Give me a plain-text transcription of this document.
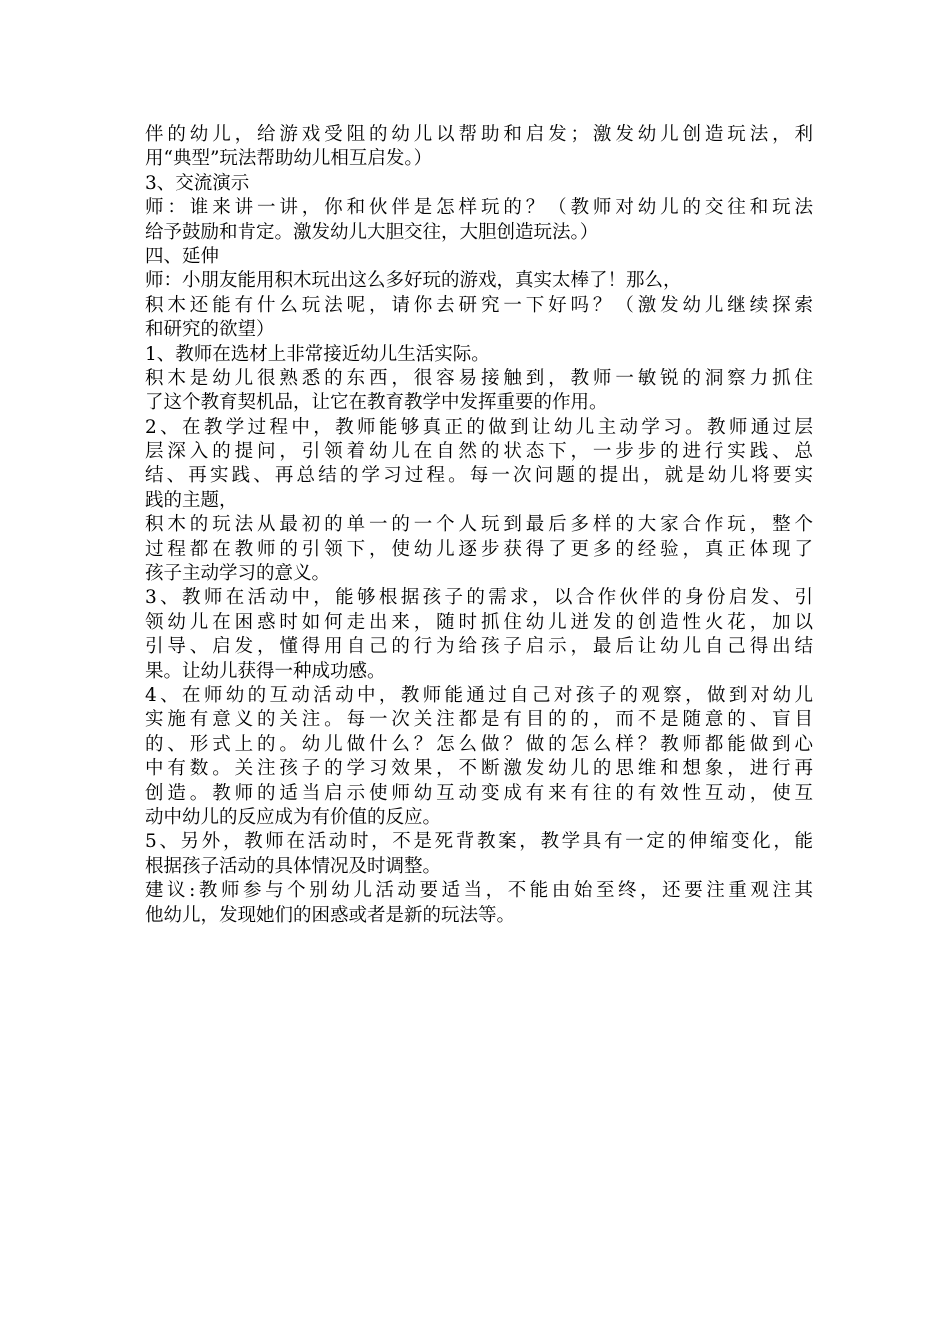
伴的幼儿，给游戏受阻的幼儿以帮助和启发；激发幼儿创造玩法，利
用“典型”玩法帮助幼儿相互启发。）
3、交流演示
师：谁来讲一讲，你和伙伴是怎样玩的？（教师对幼儿的交往和玩法
给予鼓励和肯定。激发幼儿大胆交往，大胆创造玩法。）
四、延伸
师：小朋友能用积木玩出这么多好玩的游戏，真实太棒了！那么，
积木还能有什么玩法呢，请你去研究一下好吗？（激发幼儿继续探索
和研究的欲望）
1、教师在选材上非常接近幼儿生活实际。
积木是幼儿很熟悉的东西，很容易接触到，教师一敏锐的洞察力抓住
了这个教育契机品，让它在教育教学中发挥重要的作用。
2、在教学过程中，教师能够真正的做到让幼儿主动学习。教师通过层
层深入的提问，引领着幼儿在自然的状态下，一步步的进行实践、总
结、再实践、再总结的学习过程。每一次问题的提出，就是幼儿将要实
践的主题，
积木的玩法从最初的单一的一个人玩到最后多样的大家合作玩，整个
过程都在教师的引领下，使幼儿逐步获得了更多的经验，真正体现了
孩子主动学习的意义。
3、教师在活动中，能够根据孩子的需求，以合作伙伴的身份启发、引
领幼儿在困惑时如何走出来，随时抓住幼儿迸发的创造性火花，加以
引导、启发，懂得用自己的行为给孩子启示，最后让幼儿自己得出结
果。让幼儿获得一种成功感。
4、在师幼的互动活动中，教师能通过自己对孩子的观察，做到对幼儿
实施有意义的关注。每一次关注都是有目的的，而不是随意的、盲目
的、形式上的。幼儿做什么？怎么做？做的怎么样？教师都能做到心
中有数。关注孩子的学习效果，不断激发幼儿的思维和想象，进行再
创造。教师的适当启示使师幼互动变成有来有往的有效性互动，使互
动中幼儿的反应成为有价值的反应。
5、另外，教师在活动时，不是死背教案，教学具有一定的伸缩变化，能
根据孩子活动的具体情况及时调整。
建议:教师参与个别幼儿活动要适当，不能由始至终，还要注重观注其
他幼儿，发现她们的困惑或者是新的玩法等。
